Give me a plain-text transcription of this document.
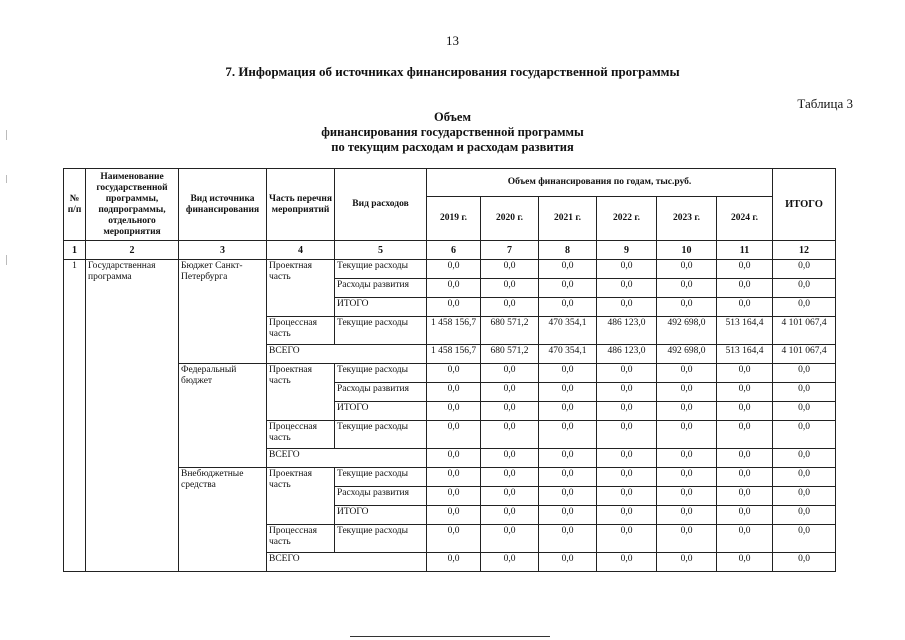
13
7. Информация об источниках финансирования государственной программы
Таблица 3
Объем
финансирования государственной программы
по текущим расходам и расходам развития
№ п/п	Наименование государственной программы, подпрограммы, отдельного мероприятия	Вид источника финансирования	Часть перечня мероприятий	Вид расходов	Объем финансирования по годам, тыс.руб.						ИТОГО
					2019 г.	2020 г.	2021 г.	2022 г.	2023 г.	2024 г.	
1	2	3	4	5	6	7	8	9	10	11	12
1	Государственная программа	Бюджет Санкт-Петербурга	Проектная часть	Текущие расходы	0,0	0,0	0,0	0,0	0,0	0,0	0,0
				Расходы развития	0,0	0,0	0,0	0,0	0,0	0,0	0,0
				ИТОГО	0,0	0,0	0,0	0,0	0,0	0,0	0,0
			Процессная часть	Текущие расходы	1 458 156,7	680 571,2	470 354,1	486 123,0	492 698,0	513 164,4	4 101 067,4
			ВСЕГО		1 458 156,7	680 571,2	470 354,1	486 123,0	492 698,0	513 164,4	4 101 067,4
		Федеральный бюджет	Проектная часть	Текущие расходы	0,0	0,0	0,0	0,0	0,0	0,0	0,0
				Расходы развития	0,0	0,0	0,0	0,0	0,0	0,0	0,0
				ИТОГО	0,0	0,0	0,0	0,0	0,0	0,0	0,0
			Процессная часть	Текущие расходы	0,0	0,0	0,0	0,0	0,0	0,0	0,0
			ВСЕГО		0,0	0,0	0,0	0,0	0,0	0,0	0,0
		Внебюджетные средства	Проектная часть	Текущие расходы	0,0	0,0	0,0	0,0	0,0	0,0	0,0
				Расходы развития	0,0	0,0	0,0	0,0	0,0	0,0	0,0
				ИТОГО	0,0	0,0	0,0	0,0	0,0	0,0	0,0
			Процессная часть	Текущие расходы	0,0	0,0	0,0	0,0	0,0	0,0	0,0
			ВСЕГО		0,0	0,0	0,0	0,0	0,0	0,0	0,0
